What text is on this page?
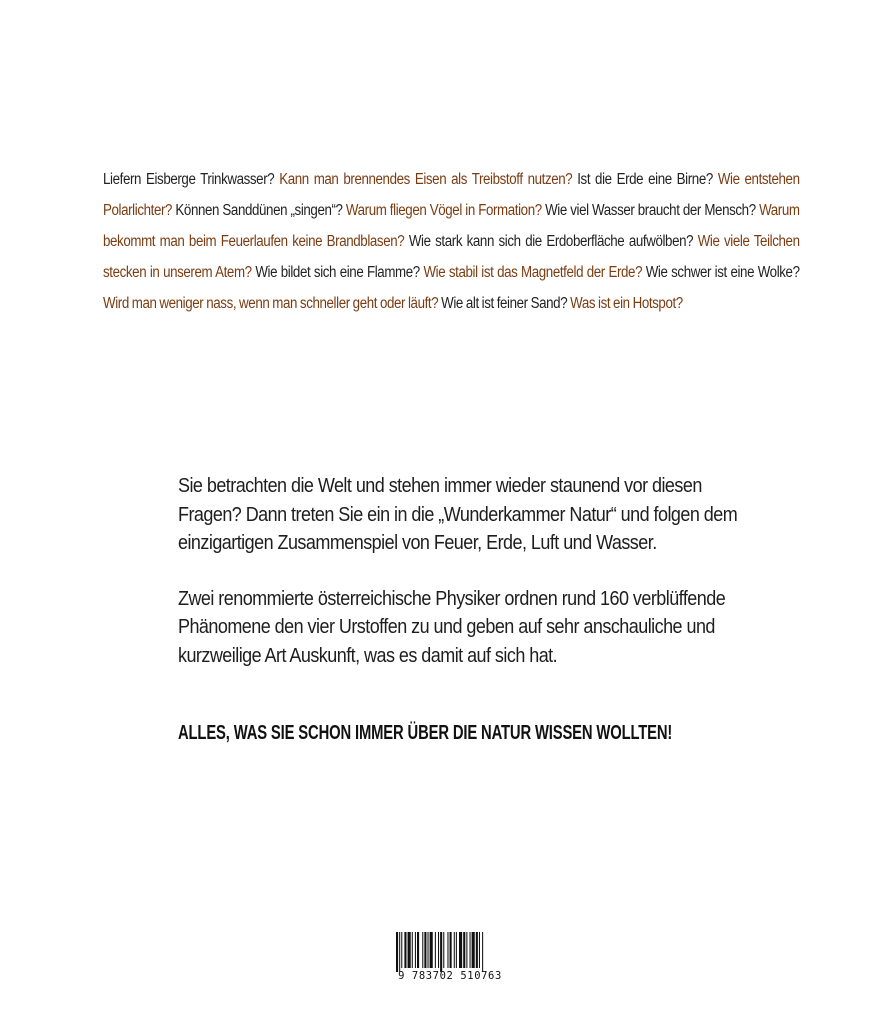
Liefern Eisberge Trinkwasser? Kann man brennendes Eisen als Treibstoff nutzen? Ist die Erde eine Birne? Wie entstehen Polarlichter? Können Sanddünen „singen“? Warum fliegen Vögel in Formation? Wie viel Wasser braucht der Mensch? Warum bekommt man beim Feuerlaufen keine Brandblasen? Wie stark kann sich die Erdoberfläche aufwölben? Wie viele Teilchen stecken in unserem Atem? Wie bildet sich eine Flamme? Wie stabil ist das Magnetfeld der Erde? Wie schwer ist eine Wolke? Wird man weniger nass, wenn man schneller geht oder läuft? Wie alt ist feiner Sand? Was ist ein Hotspot?

Sie betrachten die Welt und stehen immer wieder staunend vor diesen Fragen? Dann treten Sie ein in die „Wunderkammer Natur“ und folgen dem einzigartigen Zusammenspiel von Feuer, Erde, Luft und Wasser.

Zwei renommierte österreichische Physiker ordnen rund 160 verblüffende Phänomene den vier Urstoffen zu und geben auf sehr anschauliche und kurzweilige Art Auskunft, was es damit auf sich hat.

ALLES, WAS SIE SCHON IMMER ÜBER DIE NATUR WISSEN WOLLTEN!
9 783702 510763
